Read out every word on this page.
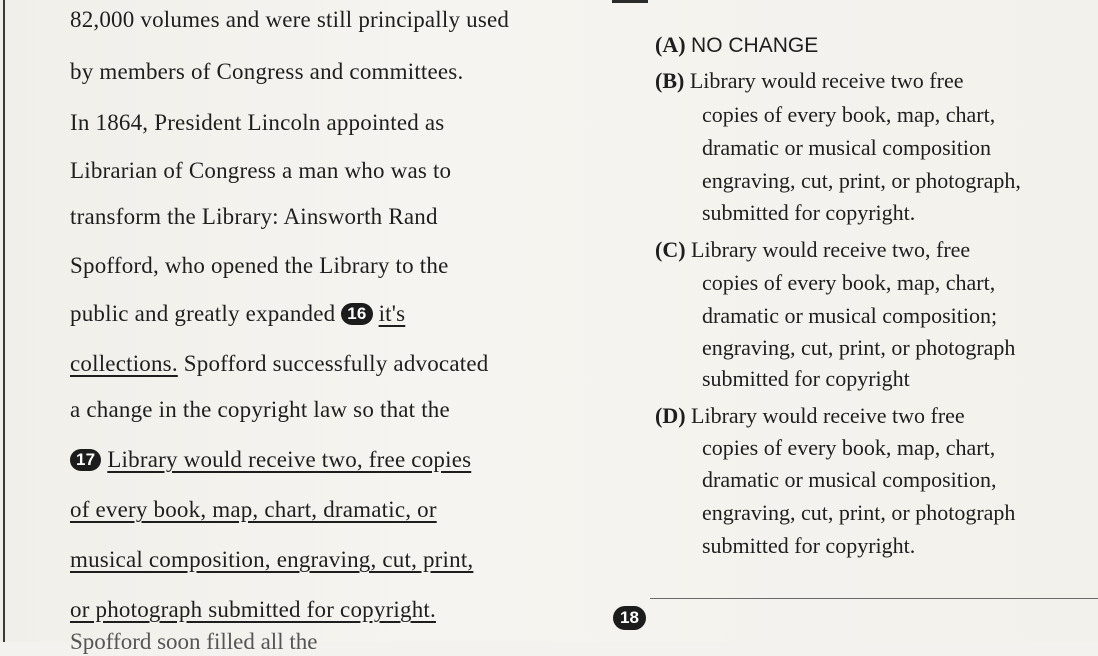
82,000 volumes and were still principally used
by members of Congress and committees.
In 1864, President Lincoln appointed as
Librarian of Congress a man who was to
transform the Library: Ainsworth Rand
Spofford, who opened the Library to the
public and greatly expanded 16 it's
collections. Spofford successfully advocated
a change in the copyright law so that the
17 Library would receive two, free copies
of every book, map, chart, dramatic, or
musical composition, engraving, cut, print,
or photograph submitted for copyright.
Spofford soon filled all the
(A) NO CHANGE
(B) Library would receive two free
copies of every book, map, chart,
dramatic or musical composition
engraving, cut, print, or photograph,
submitted for copyright.
(C) Library would receive two, free
copies of every book, map, chart,
dramatic or musical composition;
engraving, cut, print, or photograph
submitted for copyright
(D) Library would receive two free
copies of every book, map, chart,
dramatic or musical composition,
engraving, cut, print, or photograph
submitted for copyright.
18
